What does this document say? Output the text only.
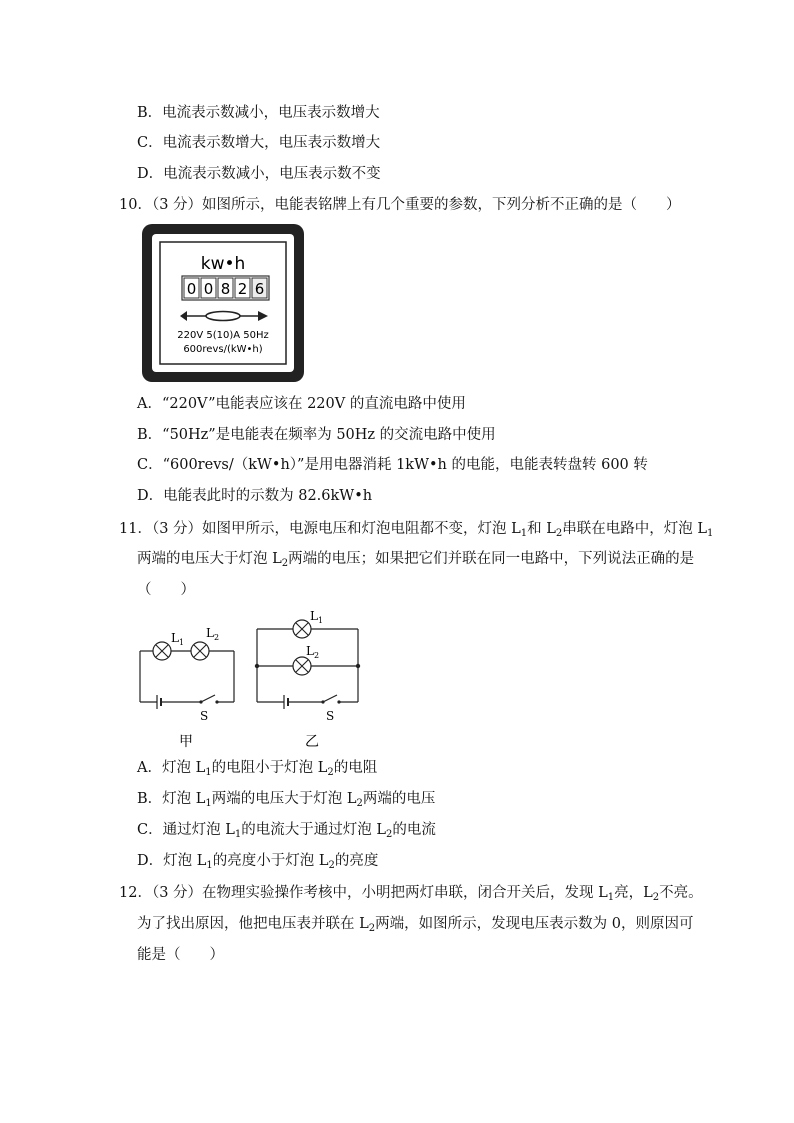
B．电流表示数减小，电压表示数增大
C．电流表示数增大，电压表示数增大
D．电流表示数减小，电压表示数不变
10．（3 分）如图所示，电能表铭牌上有几个重要的参数，下列分析不正确的是（　　）
kw•h
0 0 8 2 6
220V 5(10)A 50Hz
600revs/(kW•h)
A．“220V”电能表应该在 220V 的直流电路中使用
B．“50Hz”是电能表在频率为 50Hz 的交流电路中使用
C．“600revs/（kW•h）”是用电器消耗 1kW•h 的电能，电能表转盘转 600 转
D．电能表此时的示数为 82.6kW•h
11．（3 分）如图甲所示，电源电压和灯泡电阻都不变，灯泡 $L_1$和 $L_2$串联在电路中，灯泡 $L_1$
两端的电压大于灯泡 $L_2$两端的电压；如果把它们并联在同一电路中，下列说法正确的是
（　　）
$L_1$
$L_2$
S
甲
$L_1$
$L_2$
S
乙
A．灯泡 $L_1$的电阻小于灯泡 $L_2$的电阻
B．灯泡 $L_1$两端的电压大于灯泡 $L_2$两端的电压
C．通过灯泡 $L_1$的电流大于通过灯泡 $L_2$的电流
D．灯泡 $L_1$的亮度小于灯泡 $L_2$的亮度
12．（3 分）在物理实验操作考核中，小明把两灯串联，闭合开关后，发现 $L_1$亮，$L_2$不亮。
为了找出原因，他把电压表并联在 $L_2$两端，如图所示，发现电压表示数为 0，则原因可
能是（　　）
